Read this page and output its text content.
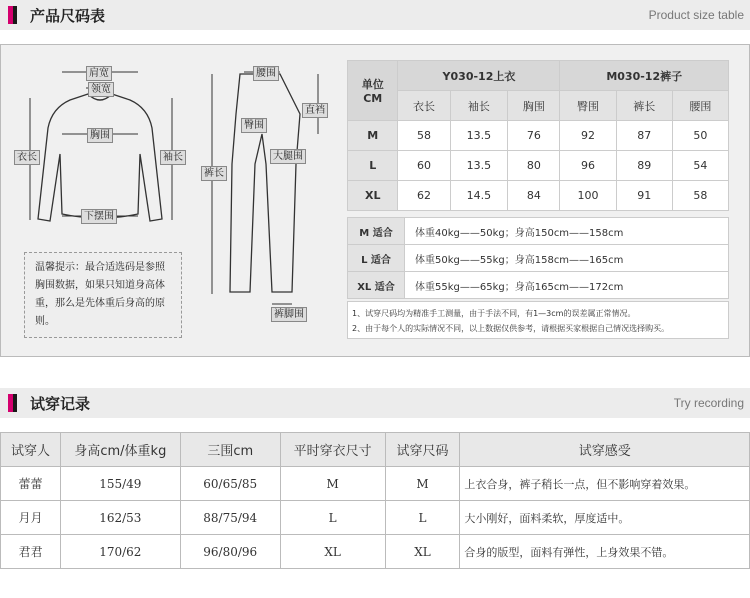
产品尺码表	Product size table
肩宽
领宽
胸围
衣长	袖长
下摆围
腰围
直裆
臀围
大腿围
裤长
裤脚围
温馨提示：最合适选码是参照胸围数据，如果只知道身高体重，那么是先体重后身高的原则。
单位
CM	Y030-12上衣			M030-12裤子		
	衣长	袖长	胸围	臀围	裤长	腰围
M	58	13.5	76	92	87	50
L	60	13.5	80	96	89	54
XL	62	14.5	84	100	91	58
M 适合	体重40kg——50kg；身高150cm——158cm
L 适合	体重50kg——55kg；身高158cm——165cm
XL 适合	体重55kg——65kg；身高165cm——172cm
1、试穿尺码均为精准手工测量，由于手法不同，有1—3cm的误差属正常情况。
2、由于每个人的实际情况不同，以上数据仅供参考，请根据买家根据自己情况选择购买。
试穿记录	Try recording
试穿人	身高cm/体重kg	三围cm	平时穿衣尺寸	试穿尺码	试穿感受
蕾蕾	155/49	60/65/85	M	M	上衣合身，裤子稍长一点，但不影响穿着效果。
月月	162/53	88/75/94	L	L	大小刚好，面料柔软，厚度适中。
君君	170/62	96/80/96	XL	XL	合身的版型，面料有弹性，上身效果不错。
